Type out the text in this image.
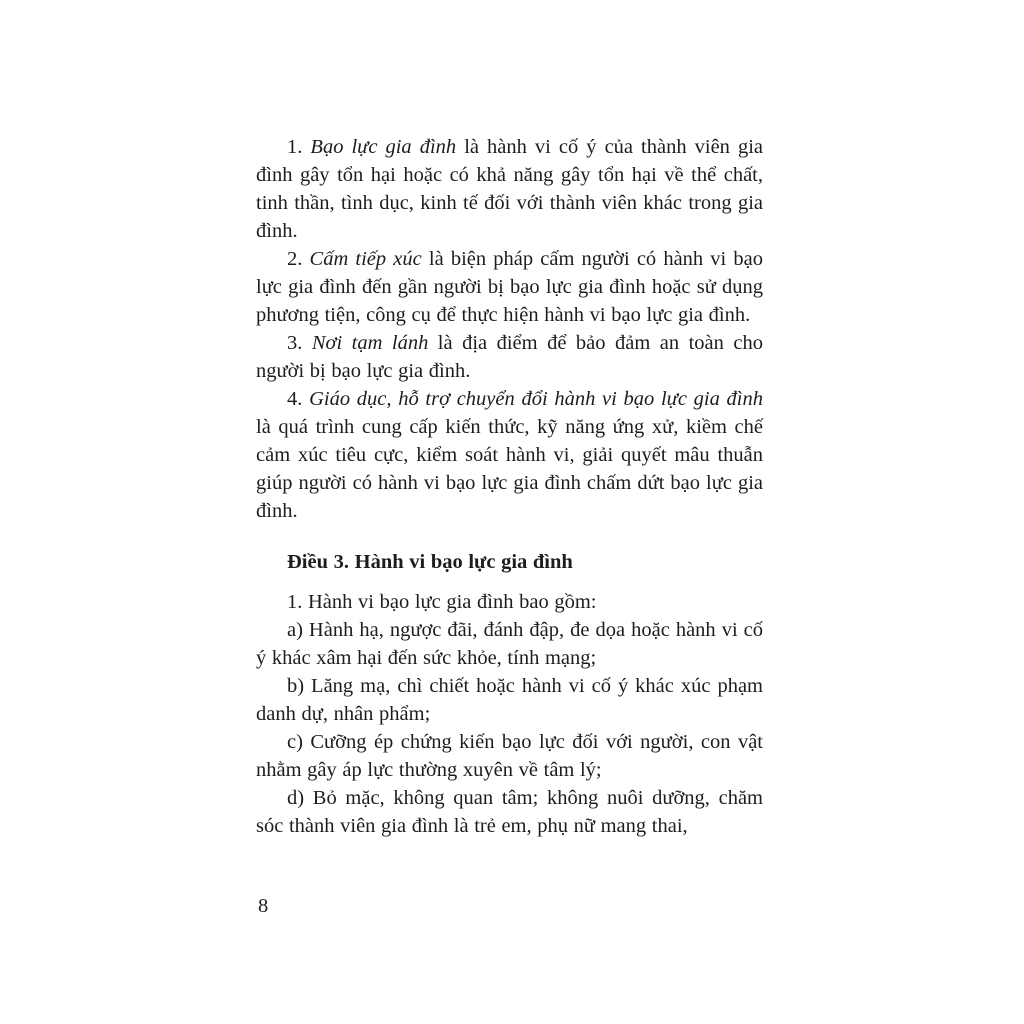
1. Bạo lực gia đình là hành vi cố ý của thành viên gia đình gây tổn hại hoặc có khả năng gây tổn hại về thể chất, tinh thần, tình dục, kinh tế đối với thành viên khác trong gia đình.

2. Cấm tiếp xúc là biện pháp cấm người có hành vi bạo lực gia đình đến gần người bị bạo lực gia đình hoặc sử dụng phương tiện, công cụ để thực hiện hành vi bạo lực gia đình.

3. Nơi tạm lánh là địa điểm để bảo đảm an toàn cho người bị bạo lực gia đình.

4. Giáo dục, hỗ trợ chuyển đổi hành vi bạo lực gia đình là quá trình cung cấp kiến thức, kỹ năng ứng xử, kiềm chế cảm xúc tiêu cực, kiểm soát hành vi, giải quyết mâu thuẫn giúp người có hành vi bạo lực gia đình chấm dứt bạo lực gia đình.

Điều 3. Hành vi bạo lực gia đình

1. Hành vi bạo lực gia đình bao gồm:

a) Hành hạ, ngược đãi, đánh đập, đe dọa hoặc hành vi cố ý khác xâm hại đến sức khỏe, tính mạng;

b) Lăng mạ, chì chiết hoặc hành vi cố ý khác xúc phạm danh dự, nhân phẩm;

c) Cưỡng ép chứng kiến bạo lực đối với người, con vật nhằm gây áp lực thường xuyên về tâm lý;

d) Bỏ mặc, không quan tâm; không nuôi dưỡng, chăm sóc thành viên gia đình là trẻ em, phụ nữ mang thai,

8
